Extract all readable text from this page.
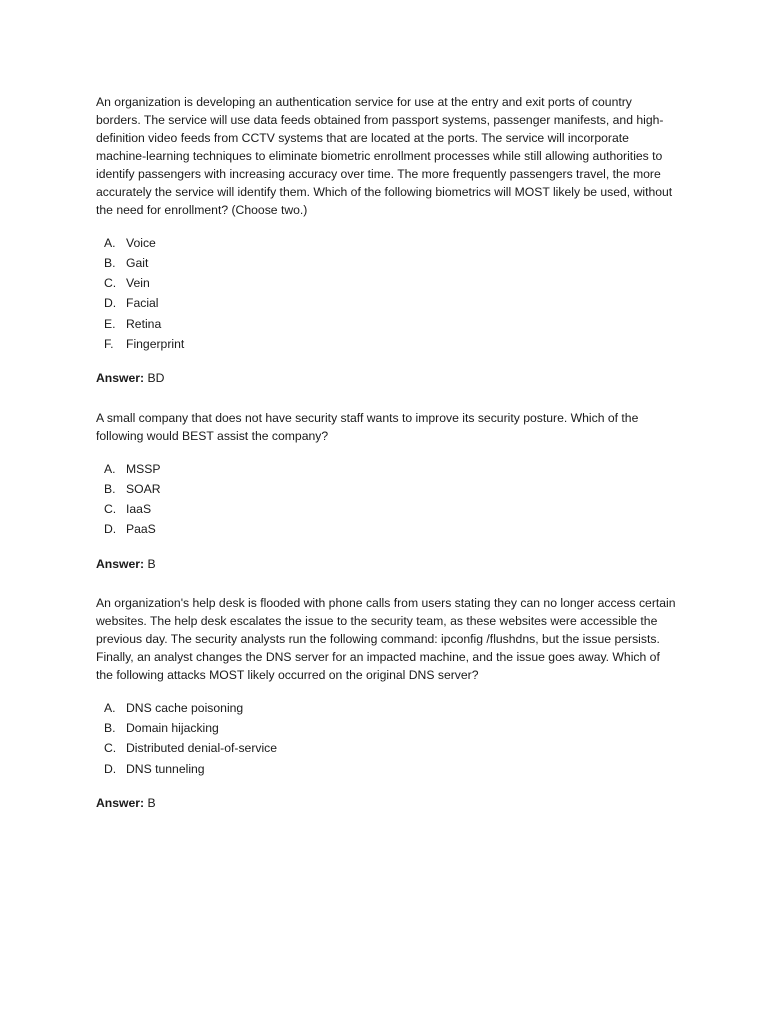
An organization is developing an authentication service for use at the entry and exit ports of country borders. The service will use data feeds obtained from passport systems, passenger manifests, and high- definition video feeds from CCTV systems that are located at the ports. The service will incorporate machine-learning techniques to eliminate biometric enrollment processes while still allowing authorities to identify passengers with increasing accuracy over time. The more frequently passengers travel, the more accurately the service will identify them. Which of the following biometrics will MOST likely be used, without the need for enrollment? (Choose two.)

A. Voice
B. Gait
C. Vein
D. Facial
E. Retina
F.	Fingerprint

Answer: BD

A small company that does not have security staff wants to improve its security posture. Which of the following would BEST assist the company?

A. MSSP
B. SOAR
C. IaaS
D. PaaS

Answer: B

An organization's help desk is flooded with phone calls from users stating they can no longer access certain websites. The help desk escalates the issue to the security team, as these websites were accessible the previous day. The security analysts run the following command: ipconfig /flushdns, but the issue persists. Finally, an analyst changes the DNS server for an impacted machine, and the issue goes away. Which of the following attacks MOST likely occurred on the original DNS server?

A. DNS cache poisoning
B. Domain hijacking
C. Distributed denial-of-service
D. DNS tunneling

Answer: B
